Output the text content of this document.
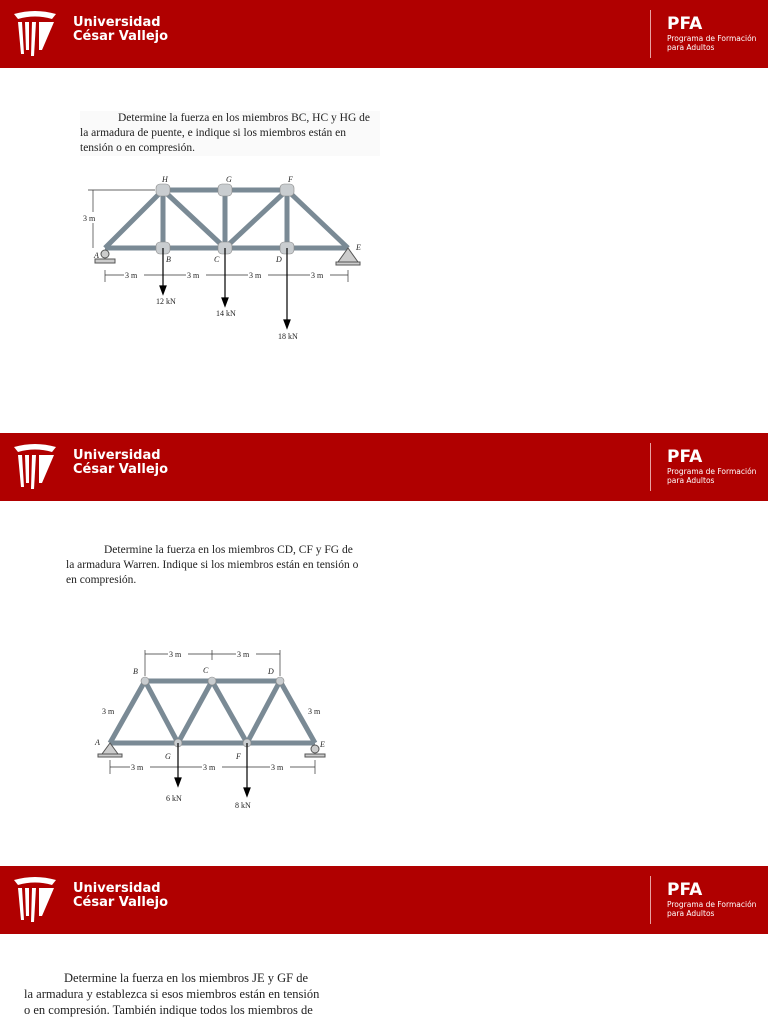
Universidad
César Vallejo
PFA
Programa de Formación
para Adultos
Determine la fuerza en los miembros BC, HC y HG de la armadura de puente, e indique si los miembros están en tensión o en compresión.
H	G	F
A	B	C	D
E
3 m
3 m	3 m	3 m	3 m
12 kN
14 kN
18 kN
Universidad
César Vallejo
PFA
Programa de Formación
para Adultos
Determine la fuerza en los miembros CD, CF y FG de la armadura Warren. Indique si los miembros están en tensión o en compresión.
3 m	3 m
3 m	3 m
3 m	3 m	3 m
6 kN
8 kN
B	C	D
A
G	F
E
Universidad
César Vallejo
PFA
Programa de Formación
para Adultos
Determine la fuerza en los miembros JE y GF de
la armadura y establezca si esos miembros están en tensión
o en compresión. También indique todos los miembros de
